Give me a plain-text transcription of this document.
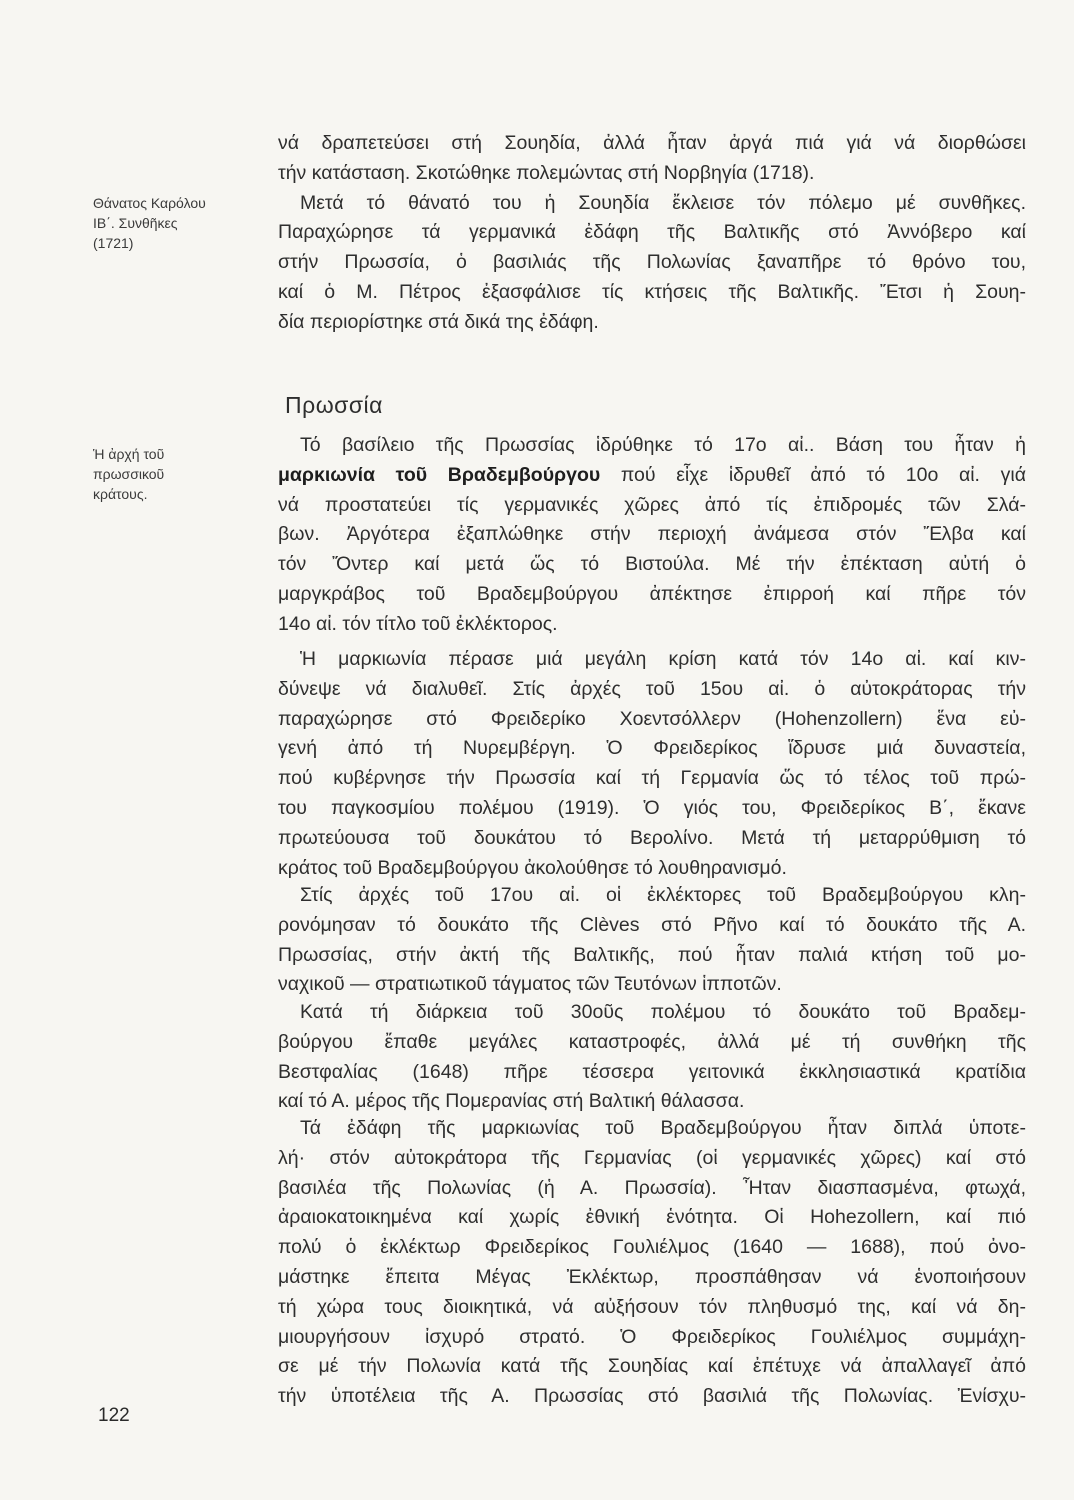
Θάνατος Καρόλου
ΙΒ΄. Συνθῆκες
(1721)
Ἡ ἀρχή τοῦ
πρωσσικοῦ
κράτους.
122
νά δραπετεύσει στή Σουηδία, ἀλλά ἦταν ἀργά πιά γιά νά διορθώσει
τήν κατάσταση. Σκοτώθηκε πολεμώντας στή Νορβηγία (1718).
Μετά τό θάνατό του ἡ Σουηδία ἔκλεισε τόν πόλεμο μέ συνθῆκες.
Παραχώρησε τά γερμανικά ἐδάφη τῆς Βαλτικῆς στό Ἀννόβερο καί
στήν Πρωσσία, ὁ βασιλιάς τῆς Πολωνίας ξαναπῆρε τό θρόνο του,
καί ὁ Μ. Πέτρος ἐξασφάλισε τίς κτήσεις τῆς Βαλτικῆς. Ἔτσι ἡ Σουη-
δία περιορίστηκε στά δικά της ἐδάφη.
Πρωσσία
Τό βασίλειο τῆς Πρωσσίας ἱδρύθηκε τό 17ο αἰ.. Βάση του ἦταν ἡ
μαρκιωνία τοῦ Βραδεμβούργου πού εἶχε ἱδρυθεῖ ἀπό τό 10ο αἰ. γιά
νά προστατεύει τίς γερμανικές χῶρες ἀπό τίς ἐπιδρομές τῶν Σλά-
βων. Ἀργότερα ἐξαπλώθηκε στήν περιοχή ἀνάμεσα στόν Ἔλβα καί
τόν Ὄντερ καί μετά ὥς τό Βιστούλα. Μέ τήν ἐπέκταση αὐτή ὁ
μαργκράβος τοῦ Βραδεμβούργου ἀπέκτησε ἐπιρροή καί πῆρε τόν
14ο αἰ. τόν τίτλο τοῦ ἐκλέκτορος.
Ἡ μαρκιωνία πέρασε μιά μεγάλη κρίση κατά τόν 14ο αἰ. καί κιν-
δύνεψε νά διαλυθεῖ. Στίς ἀρχές τοῦ 15ου αἰ. ὁ αὐτοκράτορας τήν
παραχώρησε στό Φρειδερίκο Χοεντσόλλερν (Hohenzollern) ἕνα εὐ-
γενή ἀπό τή Νυρεμβέργη. Ὁ Φρειδερίκος ἵδρυσε μιά δυναστεία,
πού κυβέρνησε τήν Πρωσσία καί τή Γερμανία ὥς τό τέλος τοῦ πρώ-
του παγκοσμίου πολέμου (1919). Ὁ γιός του, Φρειδερίκος Β΄, ἔκανε
πρωτεύουσα τοῦ δουκάτου τό Βερολίνο. Μετά τή μεταρρύθμιση τό
κράτος τοῦ Βραδεμβούργου ἀκολούθησε τό λουθηρανισμό.
Στίς ἀρχές τοῦ 17ου αἰ. οἱ ἐκλέκτορες τοῦ Βραδεμβούργου κλη-
ρονόμησαν τό δουκάτο τῆς Clèves στό Ρῆνο καί τό δουκάτο τῆς Α.
Πρωσσίας, στήν ἀκτή τῆς Βαλτικῆς, πού ἦταν παλιά κτήση τοῦ μο-
ναχικοῦ — στρατιωτικοῦ τάγματος τῶν Τευτόνων ἱπποτῶν.
Κατά τή διάρκεια τοῦ 30οῦς πολέμου τό δουκάτο τοῦ Βραδεμ-
βούργου ἔπαθε μεγάλες καταστροφές, ἀλλά μέ τή συνθήκη τῆς
Βεστφαλίας (1648) πῆρε τέσσερα γειτονικά ἐκκλησιαστικά κρατίδια
καί τό Α. μέρος τῆς Πομερανίας στή Βαλτική θάλασσα.
Τά ἐδάφη τῆς μαρκιωνίας τοῦ Βραδεμβούργου ἦταν διπλά ὑποτε-
λή· στόν αὐτοκράτορα τῆς Γερμανίας (οἱ γερμανικές χῶρες) καί στό
βασιλέα τῆς Πολωνίας (ἡ Α. Πρωσσία). Ἦταν διασπασμένα, φτωχά,
ἀραιοκατοικημένα καί χωρίς ἐθνική ἑνότητα. Οἱ Hohezollern, καί πιό
πολύ ὁ ἐκλέκτωρ Φρειδερίκος Γουλιέλμος (1640 — 1688), πού ὀνο-
μάστηκε ἔπειτα Μέγας Ἐκλέκτωρ, προσπάθησαν νά ἑνοποιήσουν
τή χώρα τους διοικητικά, νά αὐξήσουν τόν πληθυσμό της, καί νά δη-
μιουργήσουν ἰσχυρό στρατό. Ὁ Φρειδερίκος Γουλιέλμος συμμάχη-
σε μέ τήν Πολωνία κατά τῆς Σουηδίας καί ἐπέτυχε νά ἀπαλλαγεῖ ἀπό
τήν ὑποτέλεια τῆς Α. Πρωσσίας στό βασιλιά τῆς Πολωνίας. Ἐνίσχυ-
